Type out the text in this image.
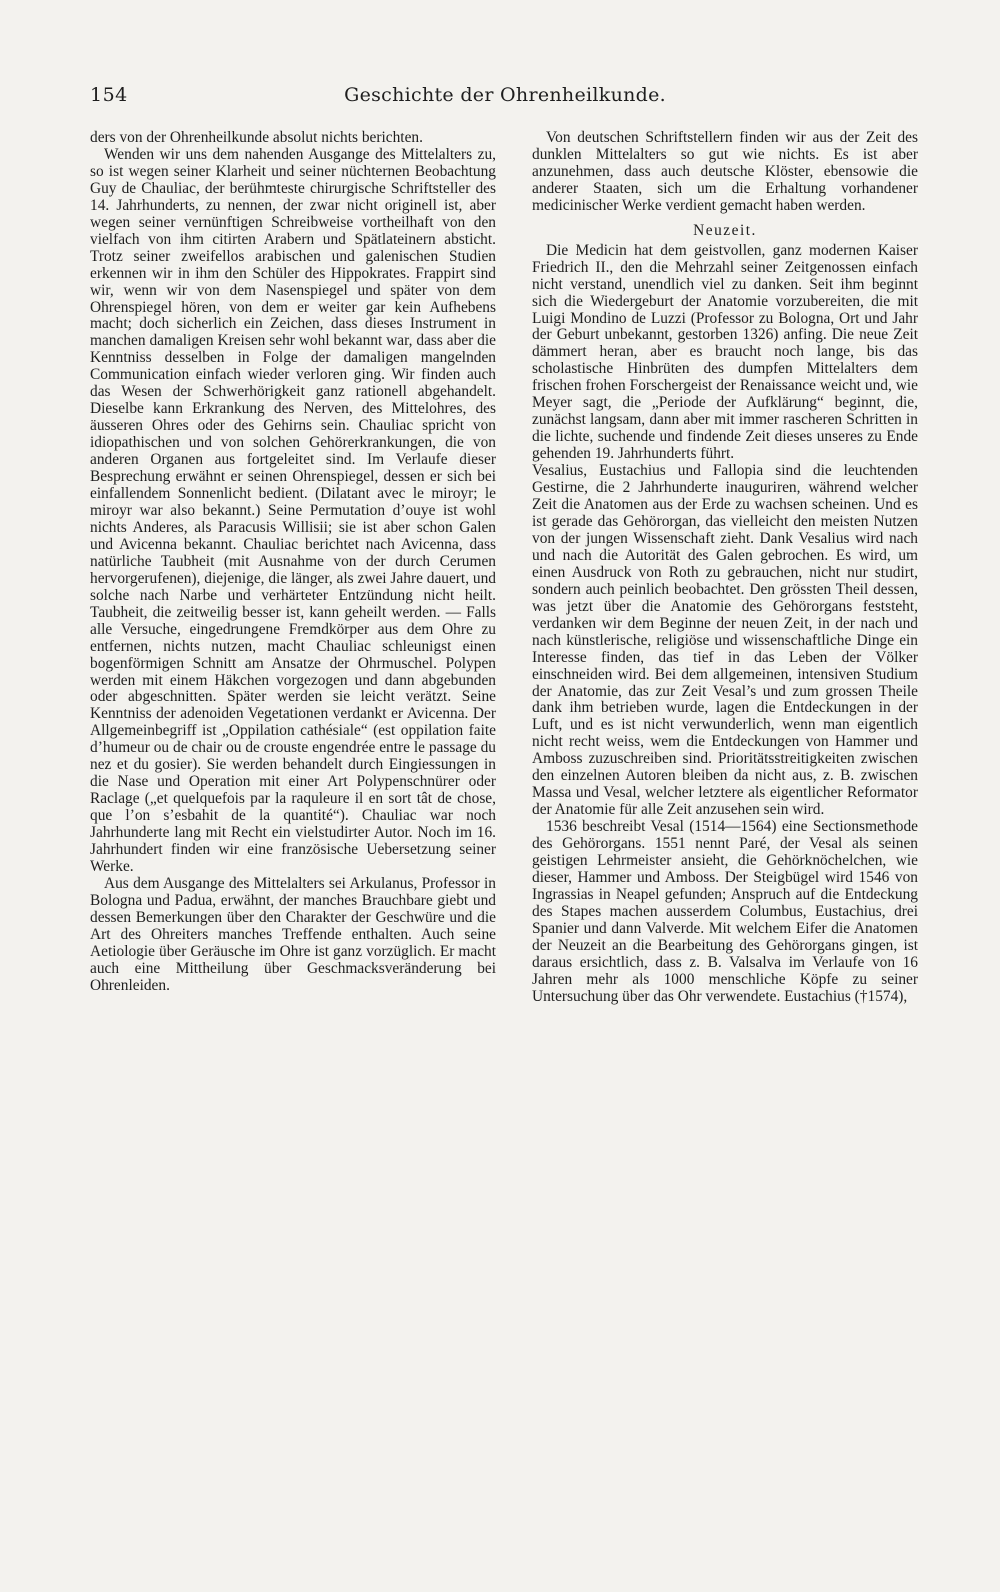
154	Geschichte der Ohrenheilkunde.

ders von der Ohrenheilkunde absolut nichts berichten.

Wenden wir uns dem nahenden Ausgange des Mittelalters zu, so ist wegen seiner Klarheit und seiner nüchternen Beobachtung Guy de Chauliac, der berühmteste chirurgische Schriftsteller des 14. Jahrhunderts, zu nennen, der zwar nicht originell ist, aber wegen seiner vernünftigen Schreibweise vortheilhaft von den vielfach von ihm citirten Arabern und Spätlateinern absticht. Trotz seiner zweifellos arabischen und galenischen Studien erkennen wir in ihm den Schüler des Hippokrates. Frappirt sind wir, wenn wir von dem Nasenspiegel und später von dem Ohrenspiegel hören, von dem er weiter gar kein Aufhebens macht; doch sicherlich ein Zeichen, dass dieses Instrument in manchen damaligen Kreisen sehr wohl bekannt war, dass aber die Kenntniss desselben in Folge der damaligen mangelnden Communication einfach wieder verloren ging. Wir finden auch das Wesen der Schwerhörigkeit ganz rationell abgehandelt. Dieselbe kann Erkrankung des Nerven, des Mittelohres, des äusseren Ohres oder des Gehirns sein. Chauliac spricht von idiopathischen und von solchen Gehörerkrankungen, die von anderen Organen aus fortgeleitet sind. Im Verlaufe dieser Besprechung erwähnt er seinen Ohrenspiegel, dessen er sich bei einfallendem Sonnenlicht bedient. (Dilatant avec le miroyr; le miroyr war also bekannt.) Seine Permutation d’ouye ist wohl nichts Anderes, als Paracusis Willisii; sie ist aber schon Galen und Avicenna bekannt. Chauliac berichtet nach Avicenna, dass natürliche Taubheit (mit Ausnahme von der durch Cerumen hervorgerufenen), diejenige, die länger, als zwei Jahre dauert, und solche nach Narbe und verhärteter Entzündung nicht heilt. Taubheit, die zeitweilig besser ist, kann geheilt werden. — Falls alle Versuche, eingedrungene Fremdkörper aus dem Ohre zu entfernen, nichts nutzen, macht Chauliac schleunigst einen bogenförmigen Schnitt am Ansatze der Ohrmuschel. Polypen werden mit einem Häkchen vorgezogen und dann abgebunden oder abgeschnitten. Später werden sie leicht verätzt. Seine Kenntniss der adenoiden Vegetationen verdankt er Avicenna. Der Allgemeinbegriff ist „Oppilation cathésiale“ (est oppilation faite d’humeur ou de chair ou de crouste engendrée entre le passage du nez et du gosier). Sie werden behandelt durch Eingiessungen in die Nase und Operation mit einer Art Polypenschnürer oder Raclage („et quelquefois par la raquleure il en sort tât de chose, que l’on s’esbahit de la quantité“). Chauliac war noch Jahrhunderte lang mit Recht ein vielstudirter Autor. Noch im 16. Jahrhundert finden wir eine französische Uebersetzung seiner Werke.

Aus dem Ausgange des Mittelalters sei Arkulanus, Professor in Bologna und Padua, erwähnt, der manches Brauchbare giebt und dessen Bemerkungen über den Charakter der Geschwüre und die Art des Ohreiters manches Treffende enthalten. Auch seine Aetiologie über Geräusche im Ohre ist ganz vorzüglich. Er macht auch eine Mittheilung über Geschmacksveränderung bei Ohrenleiden.

Von deutschen Schriftstellern finden wir aus der Zeit des dunklen Mittelalters so gut wie nichts. Es ist aber anzunehmen, dass auch deutsche Klöster, ebensowie die anderer Staaten, sich um die Erhaltung vorhandener medicinischer Werke verdient gemacht haben werden.

Neuzeit.

Die Medicin hat dem geistvollen, ganz modernen Kaiser Friedrich II., den die Mehrzahl seiner Zeitgenossen einfach nicht verstand, unendlich viel zu danken. Seit ihm beginnt sich die Wiedergeburt der Anatomie vorzubereiten, die mit Luigi Mondino de Luzzi (Professor zu Bologna, Ort und Jahr der Geburt unbekannt, gestorben 1326) anfing. Die neue Zeit dämmert heran, aber es braucht noch lange, bis das scholastische Hinbrüten des dumpfen Mittelalters dem frischen frohen Forschergeist der Renaissance weicht und, wie Meyer sagt, die „Periode der Aufklärung“ beginnt, die, zunächst langsam, dann aber mit immer rascheren Schritten in die lichte, suchende und findende Zeit dieses unseres zu Ende gehenden 19. Jahrhunderts führt.

Vesalius, Eustachius und Fallopia sind die leuchtenden Gestirne, die 2 Jahrhunderte inauguriren, während welcher Zeit die Anatomen aus der Erde zu wachsen scheinen. Und es ist gerade das Gehörorgan, das vielleicht den meisten Nutzen von der jungen Wissenschaft zieht. Dank Vesalius wird nach und nach die Autorität des Galen gebrochen. Es wird, um einen Ausdruck von Roth zu gebrauchen, nicht nur studirt, sondern auch peinlich beobachtet. Den grössten Theil dessen, was jetzt über die Anatomie des Gehörorgans feststeht, verdanken wir dem Beginne der neuen Zeit, in der nach und nach künstlerische, religiöse und wissenschaftliche Dinge ein Interesse finden, das tief in das Leben der Völker einschneiden wird. Bei dem allgemeinen, intensiven Studium der Anatomie, das zur Zeit Vesal’s und zum grossen Theile dank ihm betrieben wurde, lagen die Entdeckungen in der Luft, und es ist nicht verwunderlich, wenn man eigentlich nicht recht weiss, wem die Entdeckungen von Hammer und Amboss zuzuschreiben sind. Prioritätsstreitigkeiten zwischen den einzelnen Autoren bleiben da nicht aus, z. B. zwischen Massa und Vesal, welcher letztere als eigentlicher Reformator der Anatomie für alle Zeit anzusehen sein wird.

1536 beschreibt Vesal (1514—1564) eine Sectionsmethode des Gehörorgans. 1551 nennt Paré, der Vesal als seinen geistigen Lehrmeister ansieht, die Gehörknöchelchen, wie dieser, Hammer und Amboss. Der Steigbügel wird 1546 von Ingrassias in Neapel gefunden; Anspruch auf die Entdeckung des Stapes machen ausserdem Columbus, Eustachius, drei Spanier und dann Valverde. Mit welchem Eifer die Anatomen der Neuzeit an die Bearbeitung des Gehörorgans gingen, ist daraus ersichtlich, dass z. B. Valsalva im Verlaufe von 16 Jahren mehr als 1000 menschliche Köpfe zu seiner Untersuchung über das Ohr verwendete. Eustachius (†1574),
